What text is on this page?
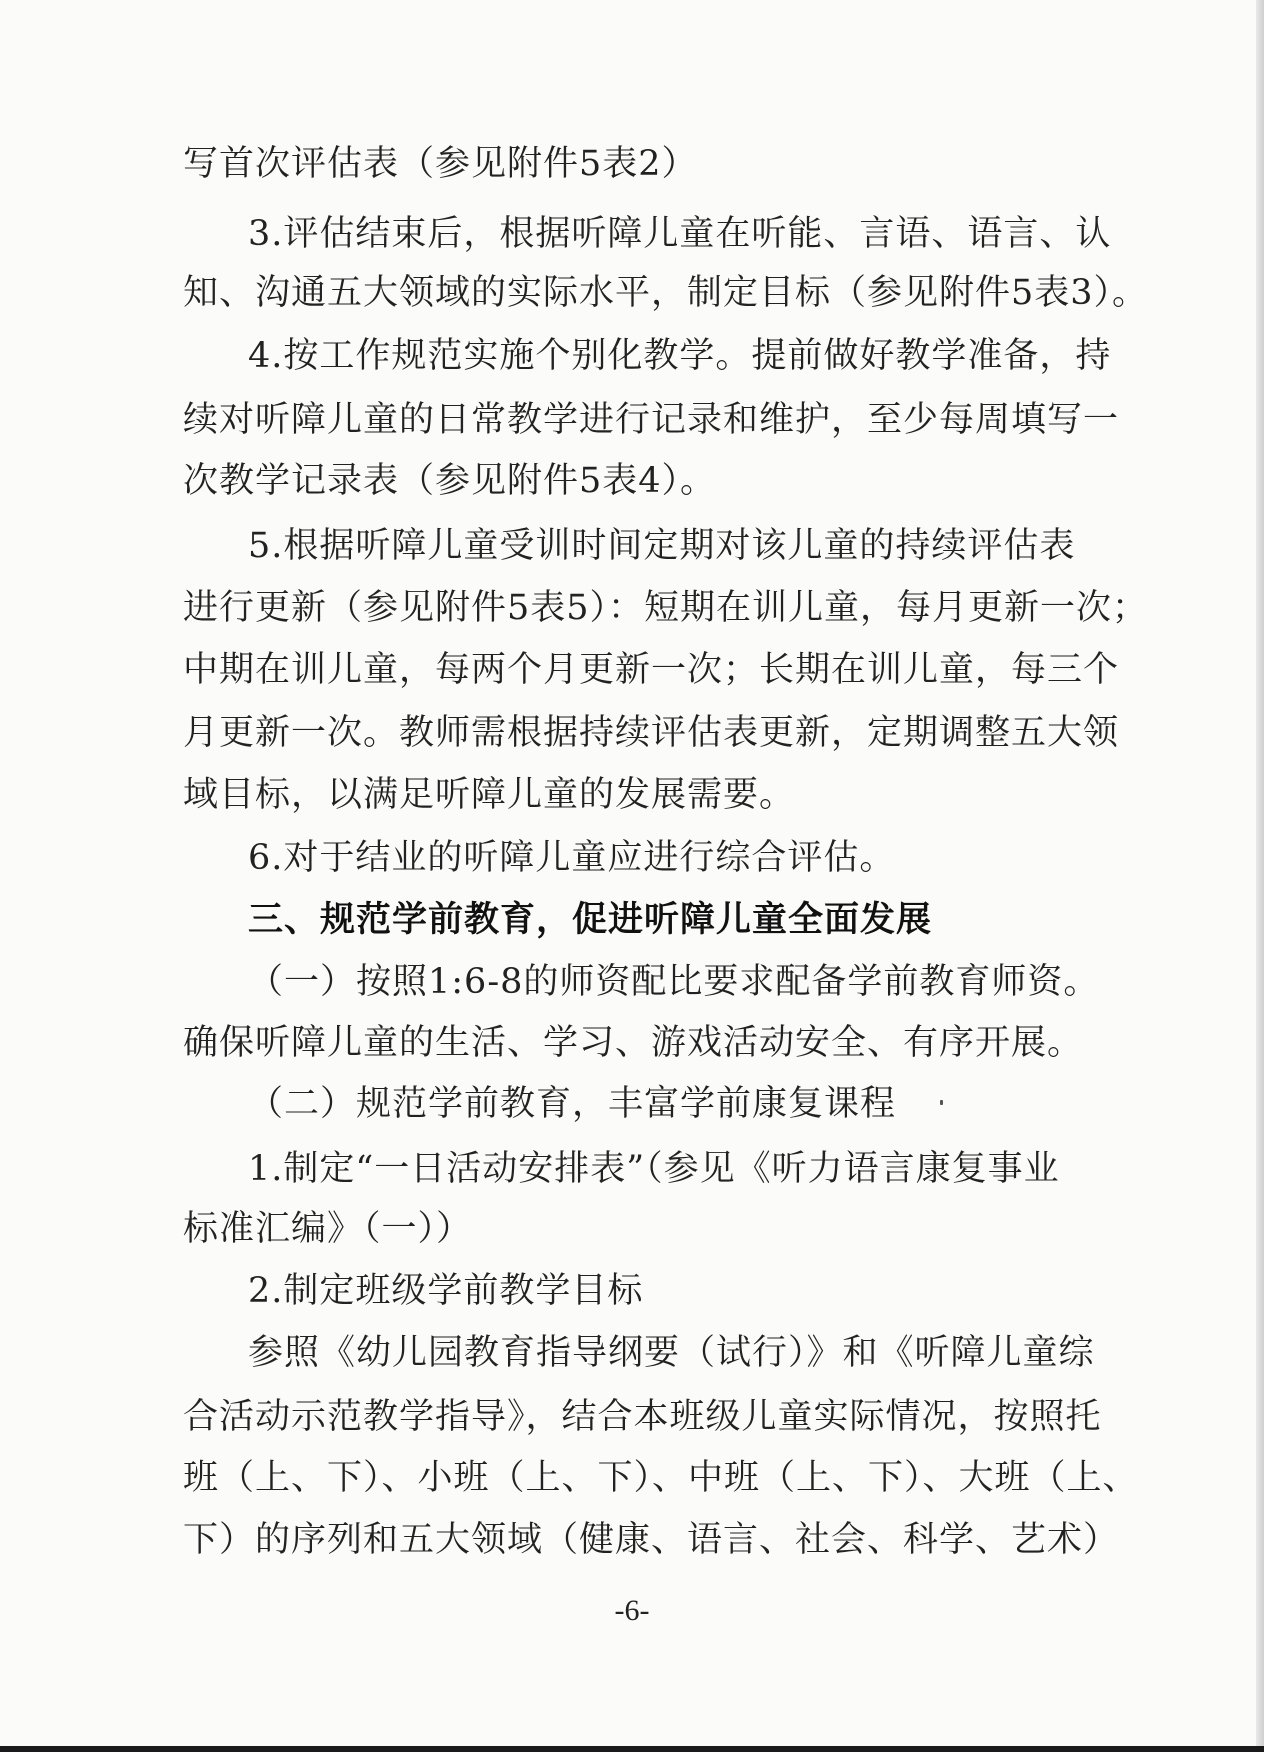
写首次评估表（参见附件5表2）
3.评估结束后，根据听障儿童在听能、言语、语言、认
知、沟通五大领域的实际水平，制定目标（参见附件5表3）。
4.按工作规范实施个别化教学。提前做好教学准备，持
续对听障儿童的日常教学进行记录和维护，至少每周填写一
次教学记录表（参见附件5表4）。
5.根据听障儿童受训时间定期对该儿童的持续评估表
进行更新（参见附件5表5）：短期在训儿童，每月更新一次；
中期在训儿童，每两个月更新一次；长期在训儿童，每三个
月更新一次。教师需根据持续评估表更新，定期调整五大领
域目标，以满足听障儿童的发展需要。
6.对于结业的听障儿童应进行综合评估。
三、规范学前教育，促进听障儿童全面发展
（一）按照1:6-8的师资配比要求配备学前教育师资。
确保听障儿童的生活、学习、游戏活动安全、有序开展。
（二）规范学前教育，丰富学前康复课程
1.制定“一日活动安排表”（参见《听力语言康复事业
标准汇编》（一））
2.制定班级学前教学目标
参照《幼儿园教育指导纲要（试行）》和《听障儿童综
合活动示范教学指导》，结合本班级儿童实际情况，按照托
班（上、下）、小班（上、下）、中班（上、下）、大班（上、
下）的序列和五大领域（健康、语言、社会、科学、艺术）
-6-
